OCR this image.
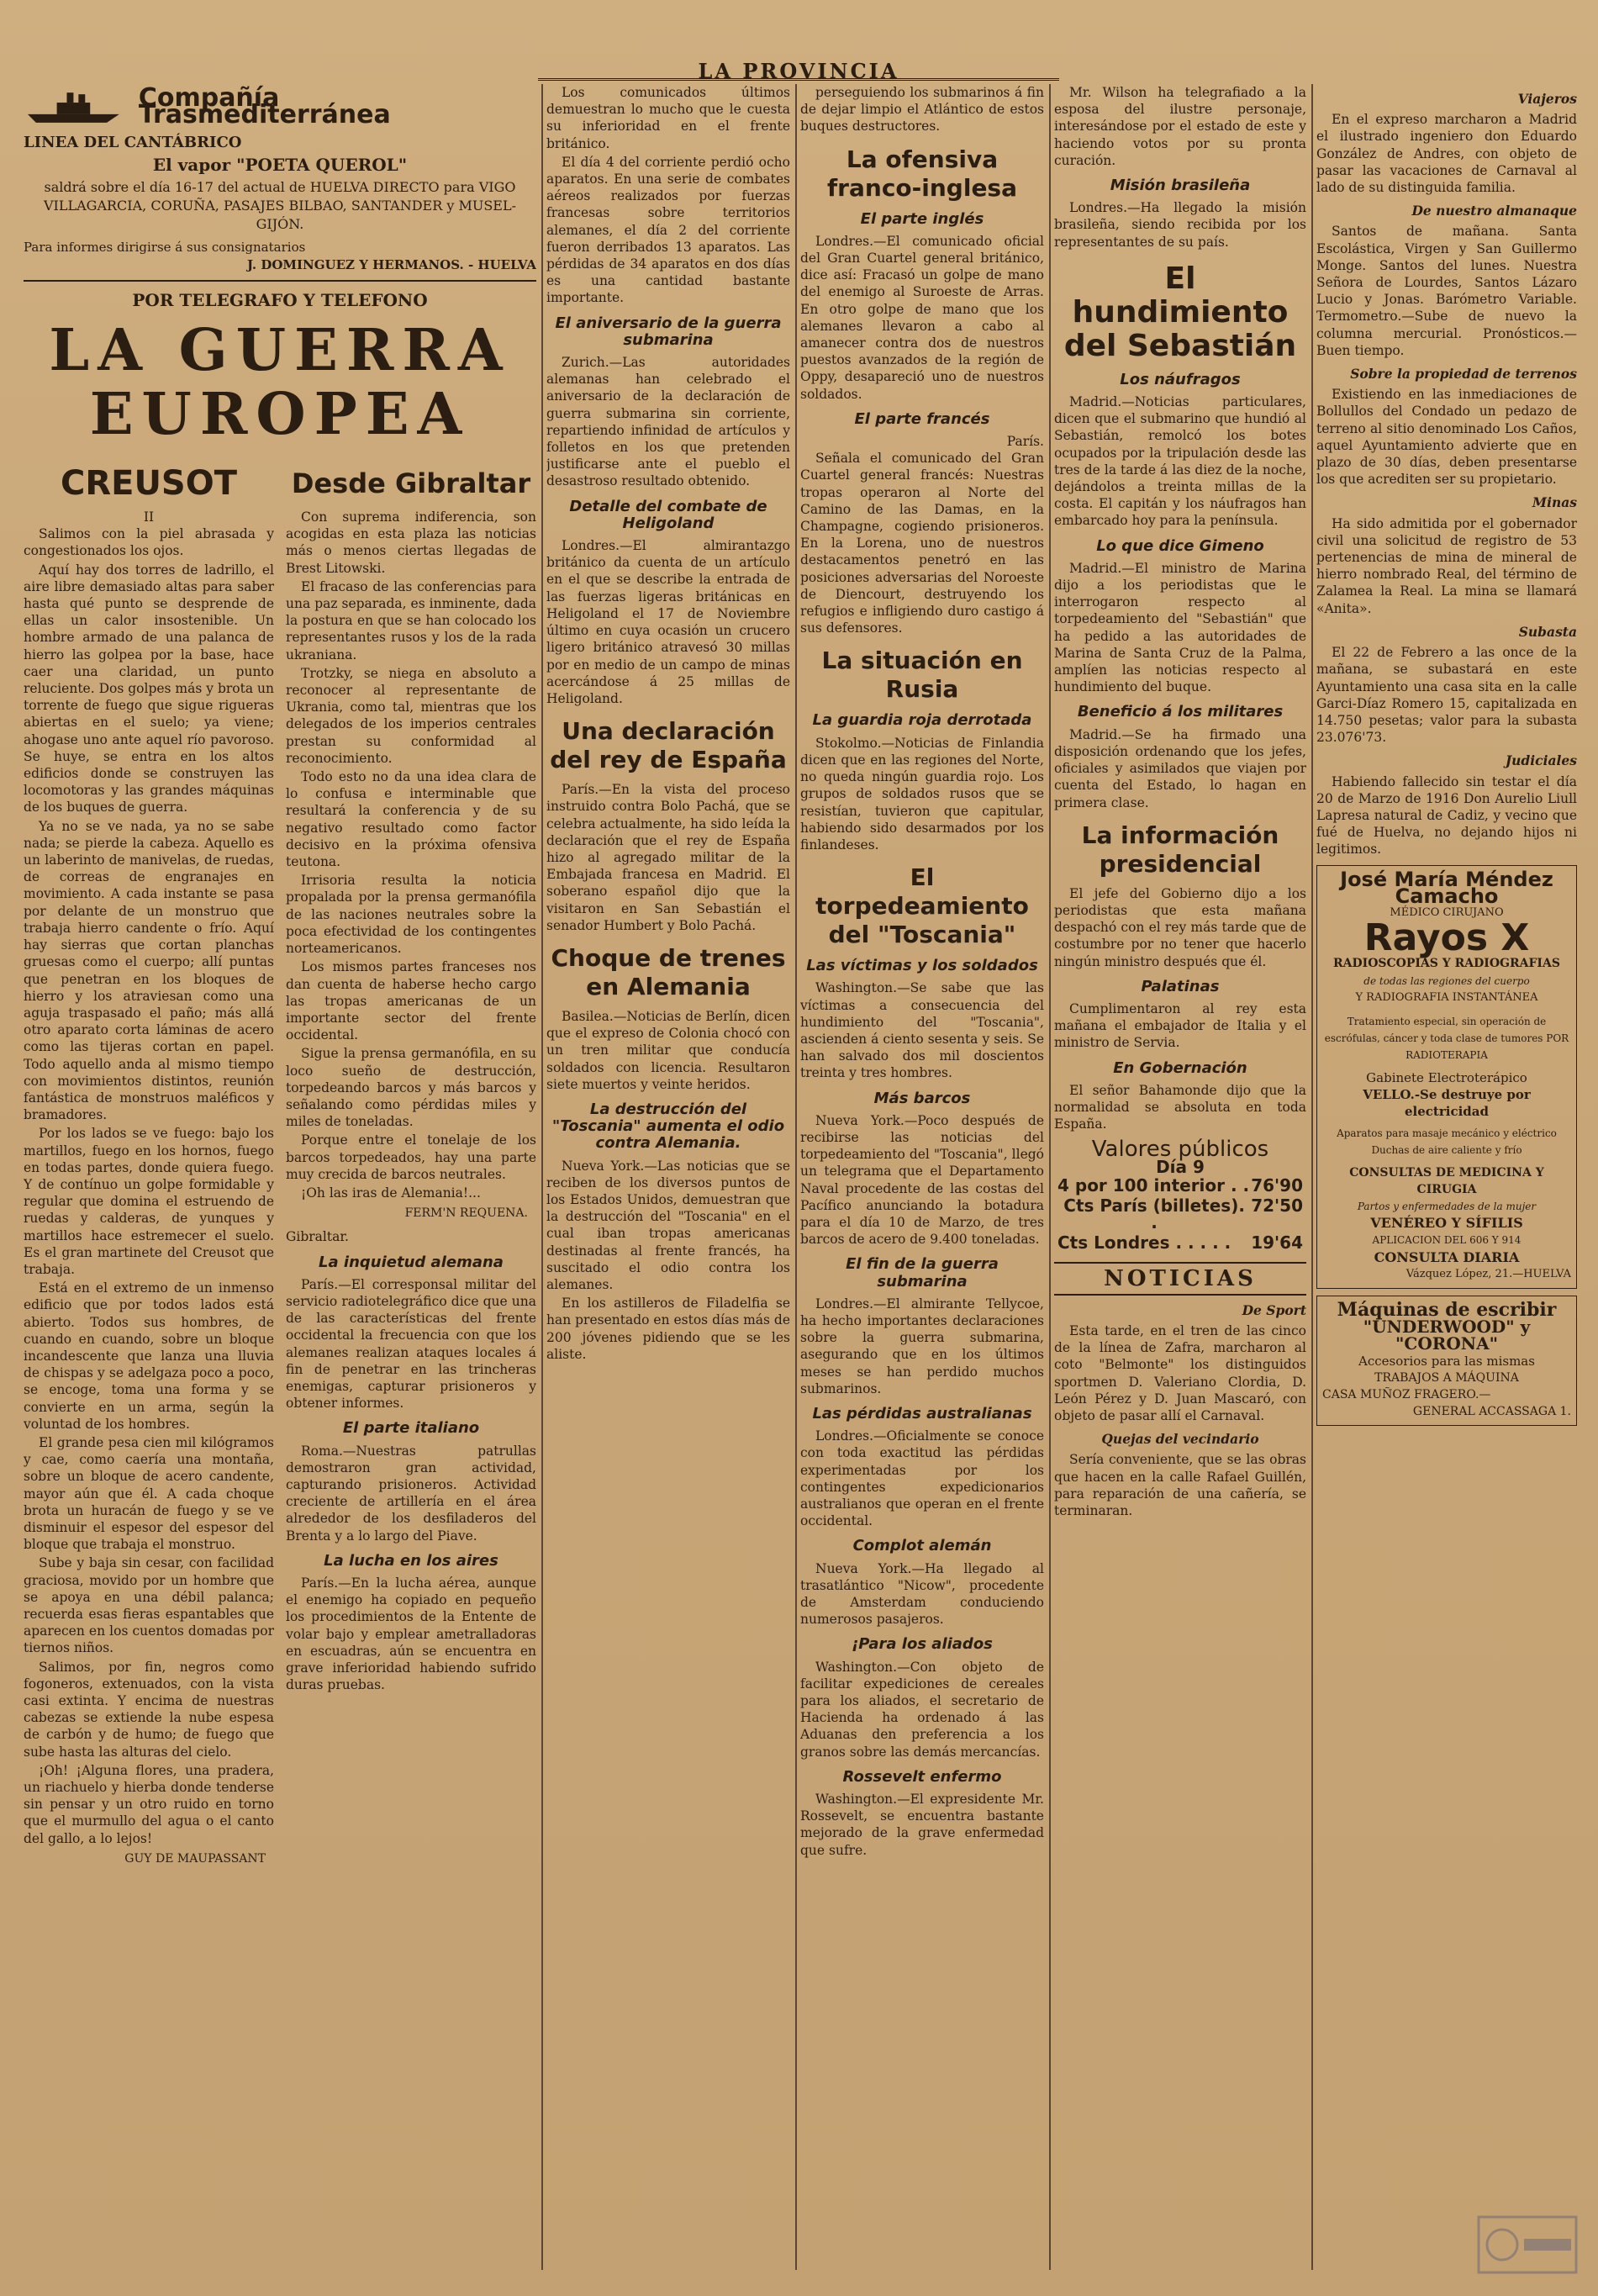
LA PROVINCIA
Compañía Trasmediterránea
LINEA DEL CANTÁBRICO
El vapor "POETA QUEROL"
saldrá sobre el día 16-17 del actual de HUELVA DIRECTO para VIGO VILLAGARCIA, CORUÑA, PASAJES BILBAO, SANTANDER y MUSEL-GIJÓN.
Para informes dirigirse á sus consignatarios
J. DOMINGUEZ Y HERMANOS. - HUELVA
POR TELEGRAFO Y TELEFONO
LA GUERRA EUROPEA
CREUSOT
II

Salimos con la piel abrasada y congestionados los ojos.

Aquí hay dos torres de ladrillo, el aire libre demasiado altas para saber hasta qué punto se desprende de ellas un calor insostenible. Un hombre armado de una palanca de hierro las golpea por la base, hace caer una claridad, un punto reluciente. Dos golpes más y brota un torrente de fuego que sigue rigueras abiertas en el suelo; ya viene; ahogase uno ante aquel río pavoroso. Se huye, se entra en los altos edificios donde se construyen las locomotoras y las grandes máquinas de los buques de guerra.

Ya no se ve nada, ya no se sabe nada; se pierde la cabeza. Aquello es un laberinto de manivelas, de ruedas, de correas de engranajes en movimiento. A cada instante se pasa por delante de un monstruo que trabaja hierro candente o frío. Aquí hay sierras que cortan planchas gruesas como el cuerpo; allí puntas que penetran en los bloques de hierro y los atraviesan como una aguja traspasado el paño; más allá otro aparato corta láminas de acero como las tijeras cortan en papel. Todo aquello anda al mismo tiempo con movimientos distintos, reunión fantástica de monstruos maléficos y bramadores.

Por los lados se ve fuego: bajo los martillos, fuego en los hornos, fuego en todas partes, donde quiera fuego. Y de contínuo un golpe formidable y regular que domina el estruendo de ruedas y calderas, de yunques y martillos hace estremecer el suelo. Es el gran martinete del Creusot que trabaja.

Está en el extremo de un inmenso edificio que por todos lados está abierto. Todos sus hombres, de cuando en cuando, sobre un bloque incandescente que lanza una lluvia de chispas y se adelgaza poco a poco, se encoge, toma una forma y se convierte en un arma, según la voluntad de los hombres.

El grande pesa cien mil kilógramos y cae, como caería una montaña, sobre un bloque de acero candente, mayor aún que él. A cada choque brota un huracán de fuego y se ve disminuir el espesor del espesor del bloque que trabaja el monstruo.

Sube y baja sin cesar, con facilidad graciosa, movido por un hombre que se apoya en una débil palanca; recuerda esas fieras espantables que aparecen en los cuentos domadas por tiernos niños.

Salimos, por fin, negros como fogoneros, extenuados, con la vista casi extinta. Y encima de nuestras cabezas se extiende la nube espesa de carbón y de humo; de fuego que sube hasta las alturas del cielo.

¡Oh! ¡Alguna flores, una pradera, un riachuelo y hierba donde tenderse sin pensar y un otro ruido en torno que el murmullo del agua o el canto del gallo, a lo lejos!

GUY DE MAUPASSANT
Desde Gibraltar

Con suprema indiferencia, son acogidas en esta plaza las noticias más o menos ciertas llegadas de Brest Litowski.

El fracaso de las conferencias para una paz separada, es inminente, dada la postura en que se han colocado los representantes rusos y los de la rada ukraniana.

Trotzky, se niega en absoluto a reconocer al representante de Ukrania, como tal, mientras que los delegados de los imperios centrales prestan su conformidad al reconocimiento.

Todo esto no da una idea clara de lo confusa e interminable que resultará la conferencia y de su negativo resultado como factor decisivo en la próxima ofensiva teutona.

Irrisoria resulta la noticia propalada por la prensa germanófila de las naciones neutrales sobre la poca efectividad de los contingentes norteamericanos.

Los mismos partes franceses nos dan cuenta de haberse hecho cargo las tropas americanas de un importante sector del frente occidental.

Sigue la prensa germanófila, en su loco sueño de destrucción, torpedeando barcos y más barcos y señalando como pérdidas miles y miles de toneladas.

Porque entre el tonelaje de los barcos torpedeados, hay una parte muy crecida de barcos neutrales.

¡Oh las iras de Alemania!...

FERM'N REQUENA.
Gibraltar.
La inquietud alemana

París.—El corresponsal militar del servicio radiotelegráfico dice que una de las características del frente occidental la frecuencia con que los alemanes realizan ataques locales á fin de penetrar en las trincheras enemigas, capturar prisioneros y obtener informes.

El parte italiano

Roma.—Nuestras patrullas demostraron gran actividad, capturando prisioneros. Actividad creciente de artillería en el área alrededor de los desfiladeros del Brenta y a lo largo del Piave.

La lucha en los aires

París.—En la lucha aérea, aunque el enemigo ha copiado en pequeño los procedimientos de la Entente de volar bajo y emplear ametralladoras en escuadras, aún se encuentra en grave inferioridad habiendo sufrido duras pruebas.

Los comunicados últimos demuestran lo mucho que le cuesta su inferioridad en el frente británico.

El día 4 del corriente perdió ocho aparatos. En una serie de combates aéreos realizados por fuerzas francesas sobre territorios alemanes, el día 2 del corriente fueron derribados 13 aparatos. Las pérdidas de 34 aparatos en dos días es una cantidad bastante importante.

El aniversario de la guerra submarina

Zurich.—Las autoridades alemanas han celebrado el aniversario de la declaración de guerra submarina sin corriente, repartiendo infinidad de artículos y folletos en los que pretenden justificarse ante el pueblo el desastroso resultado obtenido.

Detalle del combate de Heligoland

Londres.—El almirantazgo británico da cuenta de un artículo en el que se describe la entrada de las fuerzas ligeras británicas en Heligoland el 17 de Noviembre último en cuya ocasión un crucero ligero británico atravesó 30 millas por en medio de un campo de minas acercándose á 25 millas de Heligoland.

Una declaración del rey de España

París.—En la vista del proceso instruido contra Bolo Pachá, que se celebra actualmente, ha sido leída la declaración que el rey de España hizo al agregado militar de la Embajada francesa en Madrid. El soberano español dijo que la visitaron en San Sebastián el senador Humbert y Bolo Pachá.

Choque de trenes en Alemania

Basilea.—Noticias de Berlín, dicen que el expreso de Colonia chocó con un tren militar que conducía soldados con licencia. Resultaron siete muertos y veinte heridos.

La destrucción del "Toscania" aumenta el odio contra Alemania.

Nueva York.—Las noticias que se reciben de los diversos puntos de los Estados Unidos, demuestran que la destrucción del "Toscania" en el cual iban tropas americanas destinadas al frente francés, ha suscitado el odio contra los alemanes.

En los astilleros de Filadelfia se han presentado en estos días más de 200 jóvenes pidiendo que se les aliste.

perseguiendo los submarinos á fin de dejar limpio el Atlántico de estos buques destructores.

La ofensiva franco-inglesa
El parte inglés

Londres.—El comunicado oficial del Gran Cuartel general británico, dice así: Fracasó un golpe de mano del enemigo al Suroeste de Arras. En otro golpe de mano que los alemanes llevaron a cabo al amanecer contra dos de nuestros puestos avanzados de la región de Oppy, desapareció uno de nuestros soldados.

El parte francés
París.

Señala el comunicado del Gran Cuartel general francés: Nuestras tropas operaron al Norte del Camino de las Damas, en la Champagne, cogiendo prisioneros. En la Lorena, uno de nuestros destacamentos penetró en las posiciones adversarias del Noroeste de Diencourt, destruyendo los refugios e infligiendo duro castigo á sus defensores.

La situación en Rusia
La guardia roja derrotada

Stokolmo.—Noticias de Finlandia dicen que en las regiones del Norte, no queda ningún guardia rojo. Los grupos de soldados rusos que se resistían, tuvieron que capitular, habiendo sido desarmados por los finlandeses.

El torpedeamiento del "Toscania"
Las víctimas y los soldados

Washington.—Se sabe que las víctimas a consecuencia del hundimiento del "Toscania", ascienden á ciento sesenta y seis. Se han salvado dos mil doscientos treinta y tres hombres.

Más barcos

Nueva York.—Poco después de recibirse las noticias del torpedeamiento del "Toscania", llegó un telegrama que el Departamento Naval procedente de las costas del Pacífico anunciando la botadura para el día 10 de Marzo, de tres barcos de acero de 9.400 toneladas.

El fin de la guerra submarina

Londres.—El almirante Tellycoe, ha hecho importantes declaraciones sobre la guerra submarina, asegurando que en los últimos meses se han perdido muchos submarinos.

Las pérdidas australianas

Londres.—Oficialmente se conoce con toda exactitud las pérdidas experimentadas por los contingentes expedicionarios australianos que operan en el frente occidental.

Complot alemán

Nueva York.—Ha llegado al trasatlántico "Nicow", procedente de Amsterdam conduciendo numerosos pasajeros.

¡Para los aliados

Washington.—Con objeto de facilitar expediciones de cereales para los aliados, el secretario de Hacienda ha ordenado á las Aduanas den preferencia a los granos sobre las demás mercancías.

Rossevelt enfermo

Washington.—El expresidente Mr. Rossevelt, se encuentra bastante mejorado de la grave enfermedad que sufre.

Mr. Wilson ha telegrafiado a la esposa del ilustre personaje, interesándose por el estado de este y haciendo votos por su pronta curación.

Misión brasileña

Londres.—Ha llegado la misión brasileña, siendo recibida por los representantes de su país.

El hundimiento del Sebastián
Los náufragos

Madrid.—Noticias particulares, dicen que el submarino que hundió al Sebastián, remolcó los botes ocupados por la tripulación desde las tres de la tarde á las diez de la noche, dejándolos a treinta millas de la costa. El capitán y los náufragos han embarcado hoy para la península.

Lo que dice Gimeno

Madrid.—El ministro de Marina dijo a los periodistas que le interrogaron respecto al torpedeamiento del "Sebastián" que ha pedido a las autoridades de Marina de Santa Cruz de la Palma, amplíen las noticias respecto al hundimiento del buque.

Beneficio á los militares

Madrid.—Se ha firmado una disposición ordenando que los jefes, oficiales y asimilados que viajen por cuenta del Estado, lo hagan en primera clase.

La información presidencial

El jefe del Gobierno dijo a los periodistas que esta mañana despachó con el rey más tarde que de costumbre por no tener que hacerlo ningún ministro después que él.

Palatinas

Cumplimentaron al rey esta mañana el embajador de Italia y el ministro de Servia.

En Gobernación

El señor Bahamonde dijo que la normalidad se absoluta en toda España.

Valores públicos
Día 9
4 por 100 interior . . 76'90
Cts París (billetes). .
72'50
Cts Londres . . . . . 19'64
NOTICIAS
De Sport

Esta tarde, en el tren de las cinco de la línea de Zafra, marcharon al coto "Belmonte" los distinguidos sportmen D. Valeriano Clordia, D. León Pérez y D. Juan Mascaró, con objeto de pasar allí el Carnaval.

Quejas del vecindario

Sería conveniente, que se las obras que hacen en la calle Rafael Guillén, para reparación de una cañería, se terminaran.

Viajeros

En el expreso marcharon a Madrid el ilustrado ingeniero don Eduardo González de Andres, con objeto de pasar las vacaciones de Carnaval al lado de su distinguida familia.

De nuestro almanaque

Santos de mañana. Santa Escolástica, Virgen y San Guillermo Monge. Santos del lunes. Nuestra Señora de Lourdes, Santos Lázaro Lucio y Jonas. Barómetro Variable. Termometro.—Sube de nuevo la columna mercurial. Pronósticos.—Buen tiempo.

Sobre la propiedad de terrenos

Existiendo en las inmediaciones de Bollullos del Condado un pedazo de terreno al sitio denominado Los Caños, aquel Ayuntamiento advierte que en plazo de 30 días, deben presentarse los que acrediten ser su propietario.

Minas

Ha sido admitida por el gobernador civil una solicitud de registro de 53 pertenencias de mina de mineral de hierro nombrado Real, del término de Zalamea la Real. La mina se llamará «Anita».

Subasta

El 22 de Febrero a las once de la mañana, se subastará en este Ayuntamiento una casa sita en la calle Garci-Díaz Romero 15, capitalizada en 14.750 pesetas; valor para la subasta 23.076'73.

Judiciales

Habiendo fallecido sin testar el día 20 de Marzo de 1916 Don Aurelio Liull Lapresa natural de Cadiz, y vecino que fué de Huelva, no dejando hijos ni legitimos.

José María Méndez Camacho
MÉDICO CIRUJANO
Rayos X
RADIOSCOPIAS Y RADIOGRAFIAS
de todas las regiones del cuerpo
Y RADIOGRAFIA INSTANTÁNEA
Tratamiento especial, sin operación de escrófulas, cáncer y toda clase de tumores POR RADIOTERAPIA
Gabinete Electroterápico
VELLO.-Se destruye por electricidad
Aparatos para masaje mecánico y eléctrico Duchas de aire caliente y frío
CONSULTAS DE MEDICINA Y CIRUGIA
Partos y enfermedades de la mujer
VENÉREO Y SÍFILIS
APLICACION DEL 606 Y 914
CONSULTA DIARIA
Vázquez López, 21.—HUELVA
Máquinas de escribir
"UNDERWOOD" y "CORONA"
Accesorios para las mismas
TRABAJOS A MÁQUINA
CASA MUÑOZ FRAGERO.—
GENERAL ACCASSAGA 1.
